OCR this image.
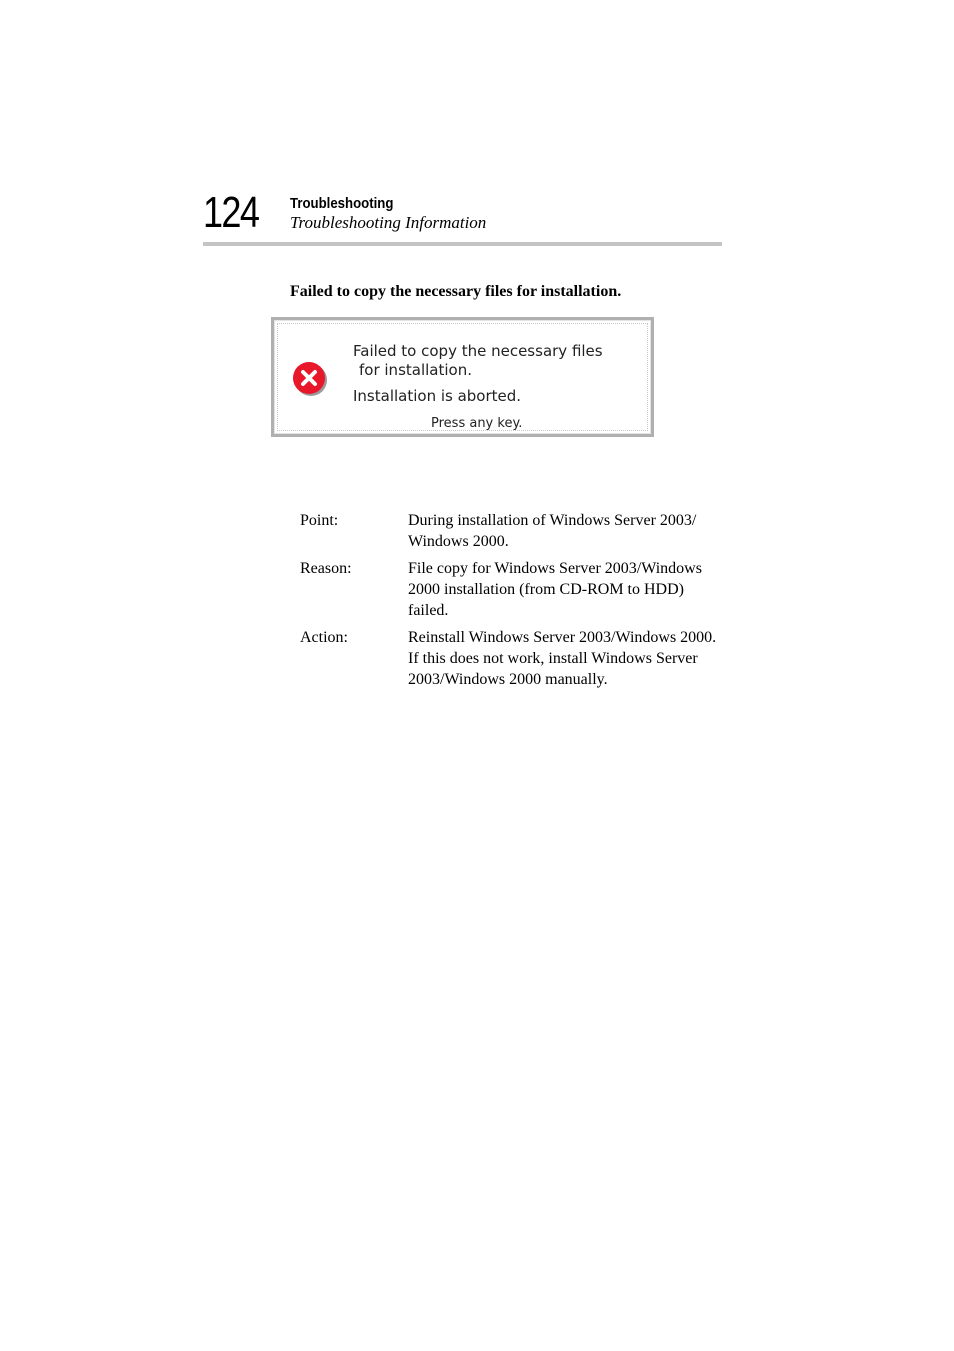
124 Troubleshooting
Troubleshooting Information
Failed to copy the necessary files for installation.
Failed to copy the necessary files
for installation.
Installation is aborted.
Press any key.
Point:	During installation of Windows Server 2003/ Windows 2000.
Reason:	File copy for Windows Server 2003/Windows 2000 installation (from CD-ROM to HDD) failed.
Action:	Reinstall Windows Server 2003/Windows 2000.
If this does not work, install Windows Server 2003/Windows 2000 manually.
